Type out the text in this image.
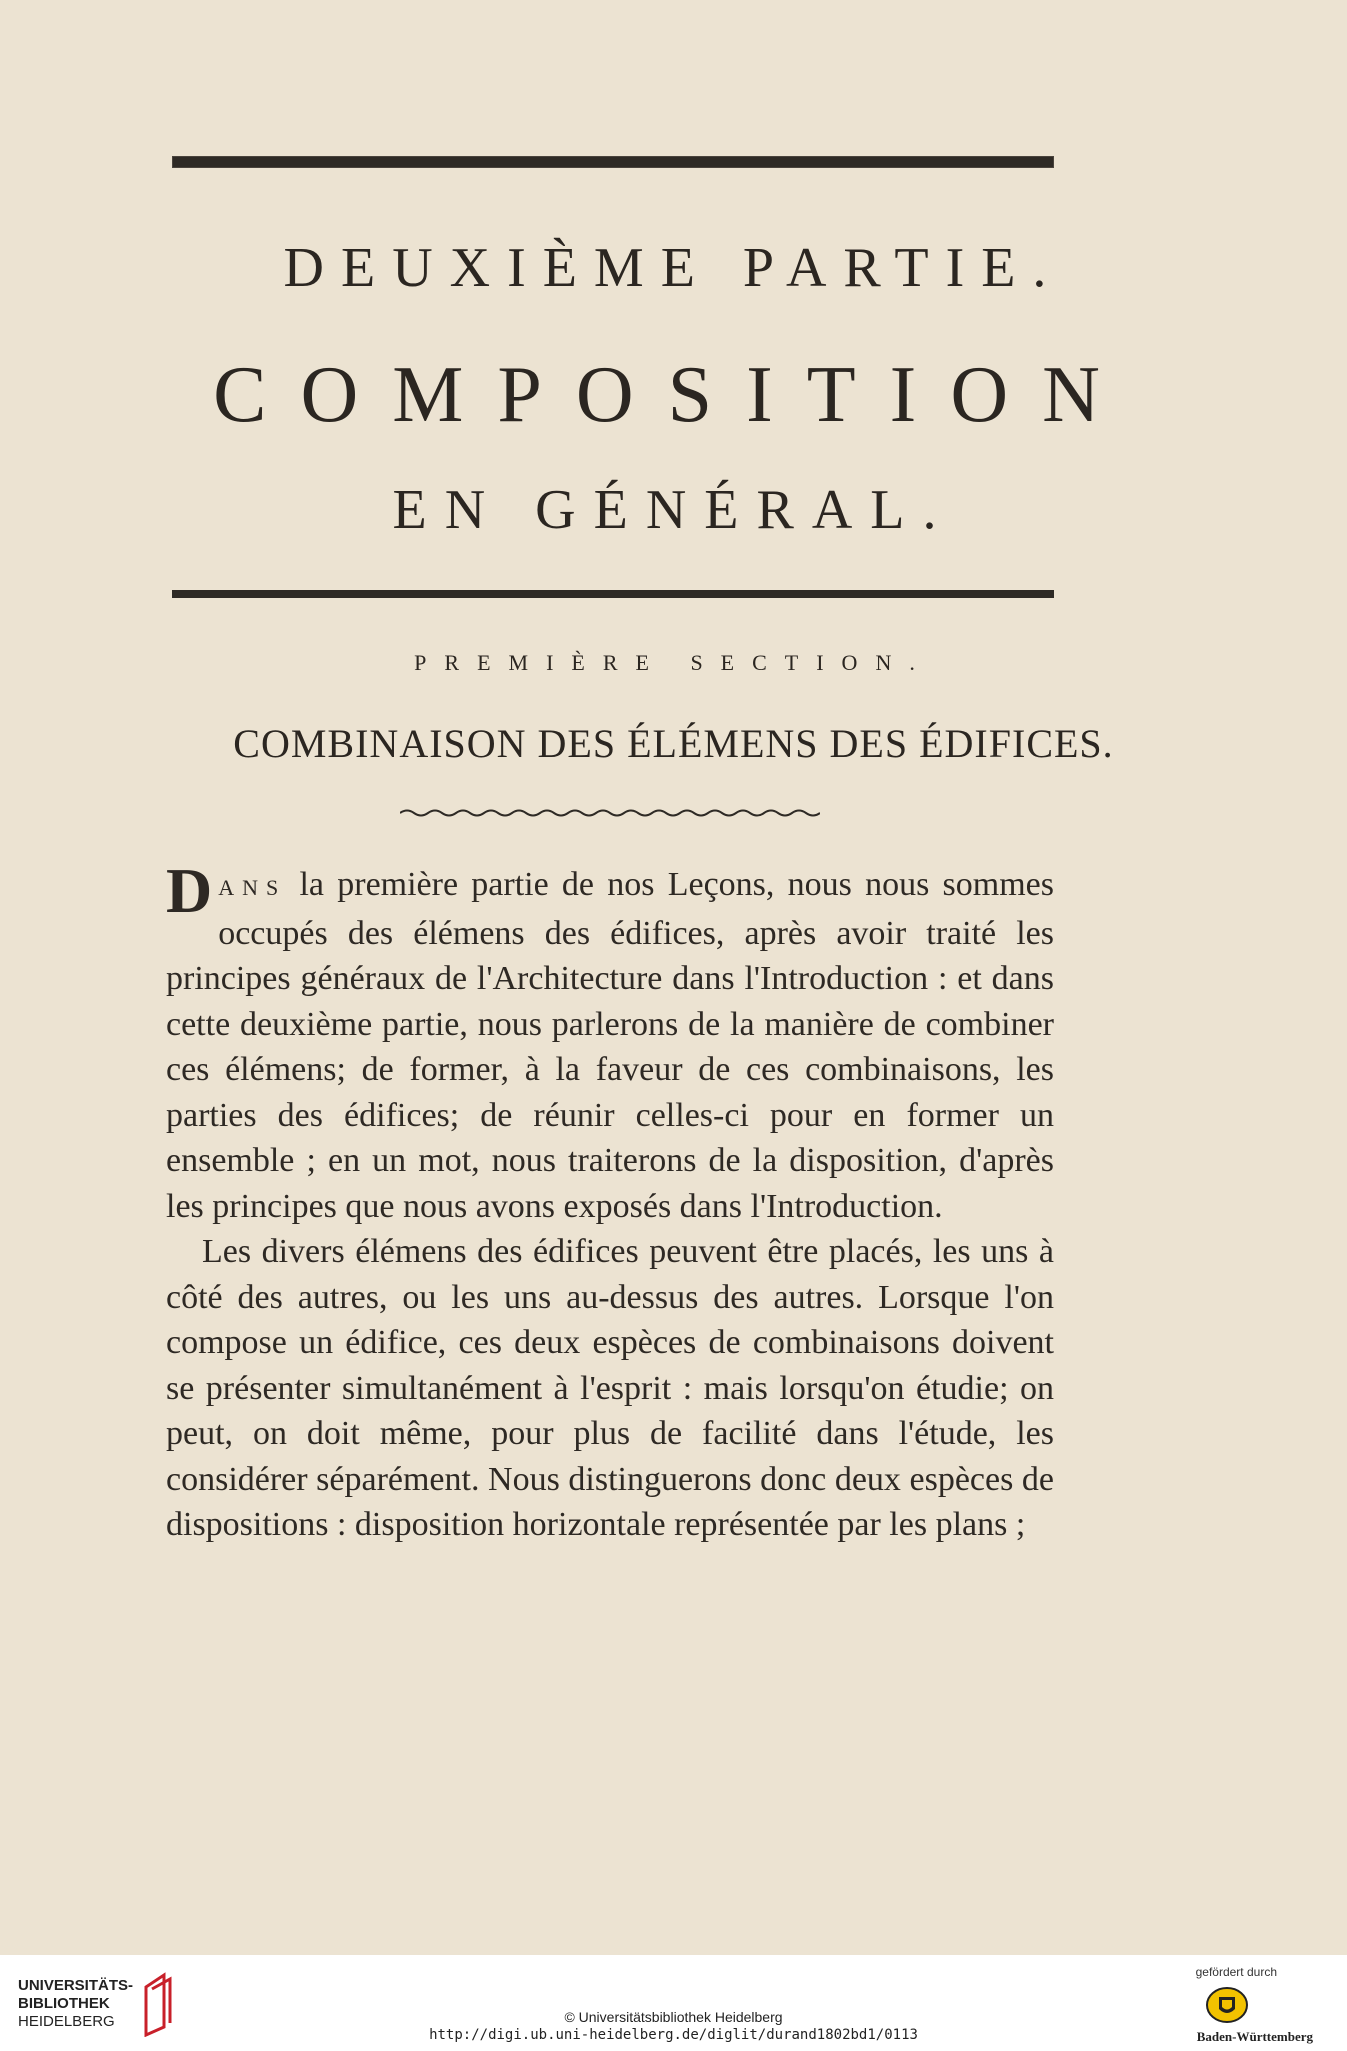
DEUXIÈME PARTIE.
COMPOSITION
EN GÉNÉRAL.
PREMIÈRE SECTION.
COMBINAISON DES ÉLÉMENS DES ÉDIFICES.

DANS la première partie de nos Leçons, nous nous sommes occupés des élémens des édifices, après avoir traité les principes généraux de l'Architecture dans l'Introduction : et dans cette deuxième partie, nous parlerons de la manière de combiner ces élémens; de former, à la faveur de ces combinaisons, les parties des édifices; de réunir celles-ci pour en former un ensemble ; en un mot, nous traiterons de la disposition, d'après les principes que nous avons exposés dans l'Introduction.

Les divers élémens des édifices peuvent être placés, les uns à côté des autres, ou les uns au-dessus des autres. Lorsque l'on compose un édifice, ces deux espèces de combinaisons doivent se présenter simultanément à l'esprit : mais lorsqu'on étudie; on peut, on doit même, pour plus de facilité dans l'étude, les considérer séparément. Nous distinguerons donc deux espèces de dispositions : disposition horizontale représentée par les plans ;

UNIVERSITÄTS-
BIBLIOTHEK
HEIDELBERG	© Universitätsbibliothek Heidelberg
http://digi.ub.uni-heidelberg.de/diglit/durand1802bd1/0113
gefördert durch
Baden-Württemberg
